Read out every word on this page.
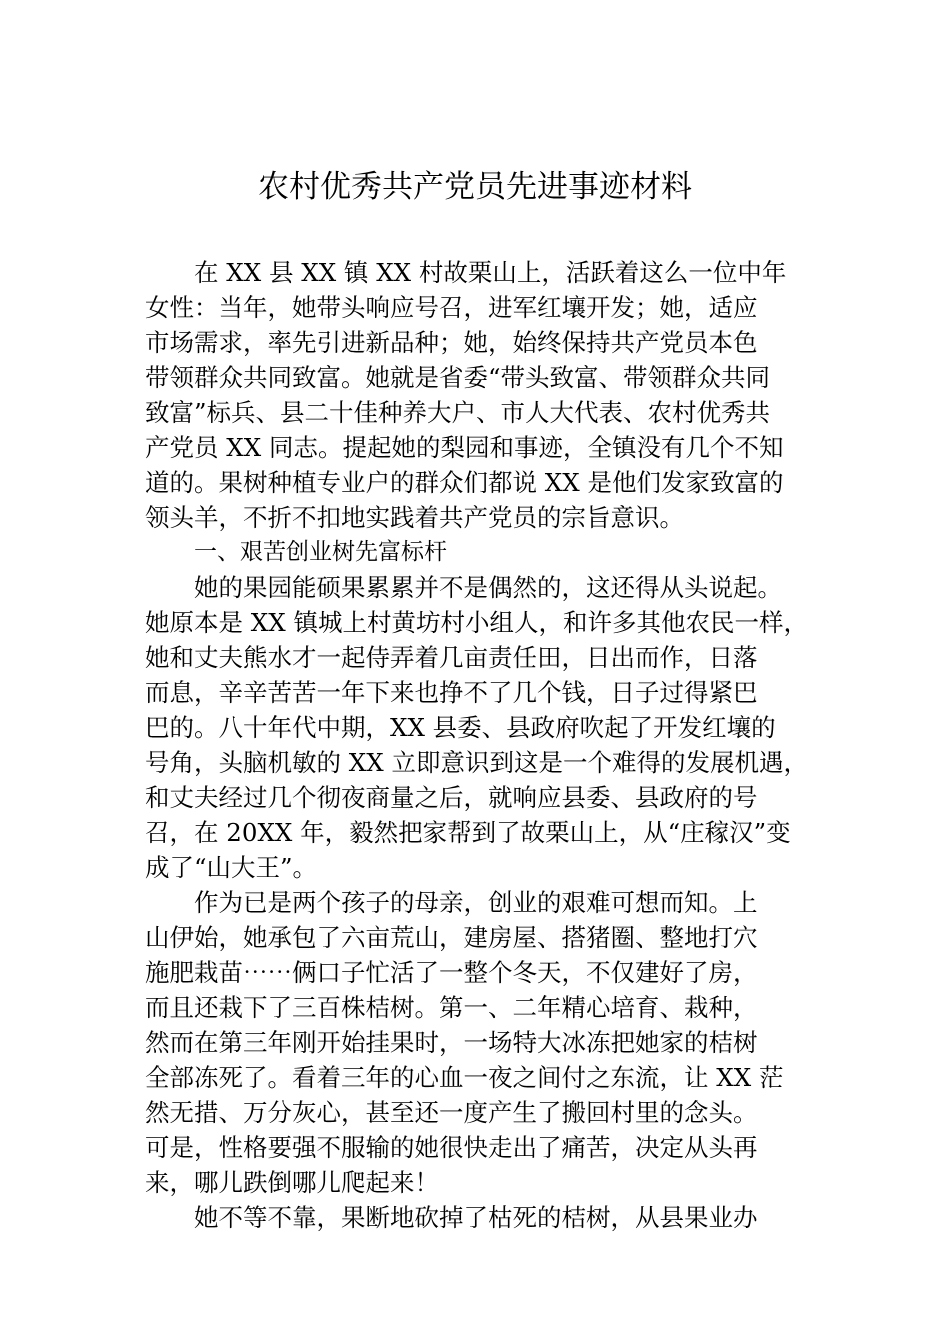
农村优秀共产党员先进事迹材料
在 XX 县 XX 镇 XX 村故栗山上，活跃着这么一位中年
女性：当年，她带头响应号召，进军红壤开发；她，适应
市场需求，率先引进新品种；她，始终保持共产党员本色
带领群众共同致富。她就是省委“带头致富、带领群众共同
致富”标兵、县二十佳种养大户、市人大代表、农村优秀共
产党员 XX 同志。提起她的梨园和事迹，全镇没有几个不知
道的。果树种植专业户的群众们都说 XX 是他们发家致富的
领头羊，不折不扣地实践着共产党员的宗旨意识。
一、艰苦创业树先富标杆
她的果园能硕果累累并不是偶然的，这还得从头说起。
她原本是 XX 镇城上村黄坊村小组人，和许多其他农民一样，
她和丈夫熊水才一起侍弄着几亩责任田，日出而作，日落
而息，辛辛苦苦一年下来也挣不了几个钱，日子过得紧巴
巴的。八十年代中期，XX 县委、县政府吹起了开发红壤的
号角，头脑机敏的 XX 立即意识到这是一个难得的发展机遇，
和丈夫经过几个彻夜商量之后，就响应县委、县政府的号
召，在 20XX 年，毅然把家帮到了故栗山上，从“庄稼汉”变
成了“山大王”。
作为已是两个孩子的母亲，创业的艰难可想而知。上
山伊始，她承包了六亩荒山，建房屋、搭猪圈、整地打穴
施肥栽苗⋯⋯俩口子忙活了一整个冬天，不仅建好了房，
而且还栽下了三百株桔树。第一、二年精心培育、栽种，
然而在第三年刚开始挂果时，一场特大冰冻把她家的桔树
全部冻死了。看着三年的心血一夜之间付之东流，让 XX 茫
然无措、万分灰心，甚至还一度产生了搬回村里的念头。
可是，性格要强不服输的她很快走出了痛苦，决定从头再
来，哪儿跌倒哪儿爬起来！
她不等不靠，果断地砍掉了枯死的桔树，从县果业办
